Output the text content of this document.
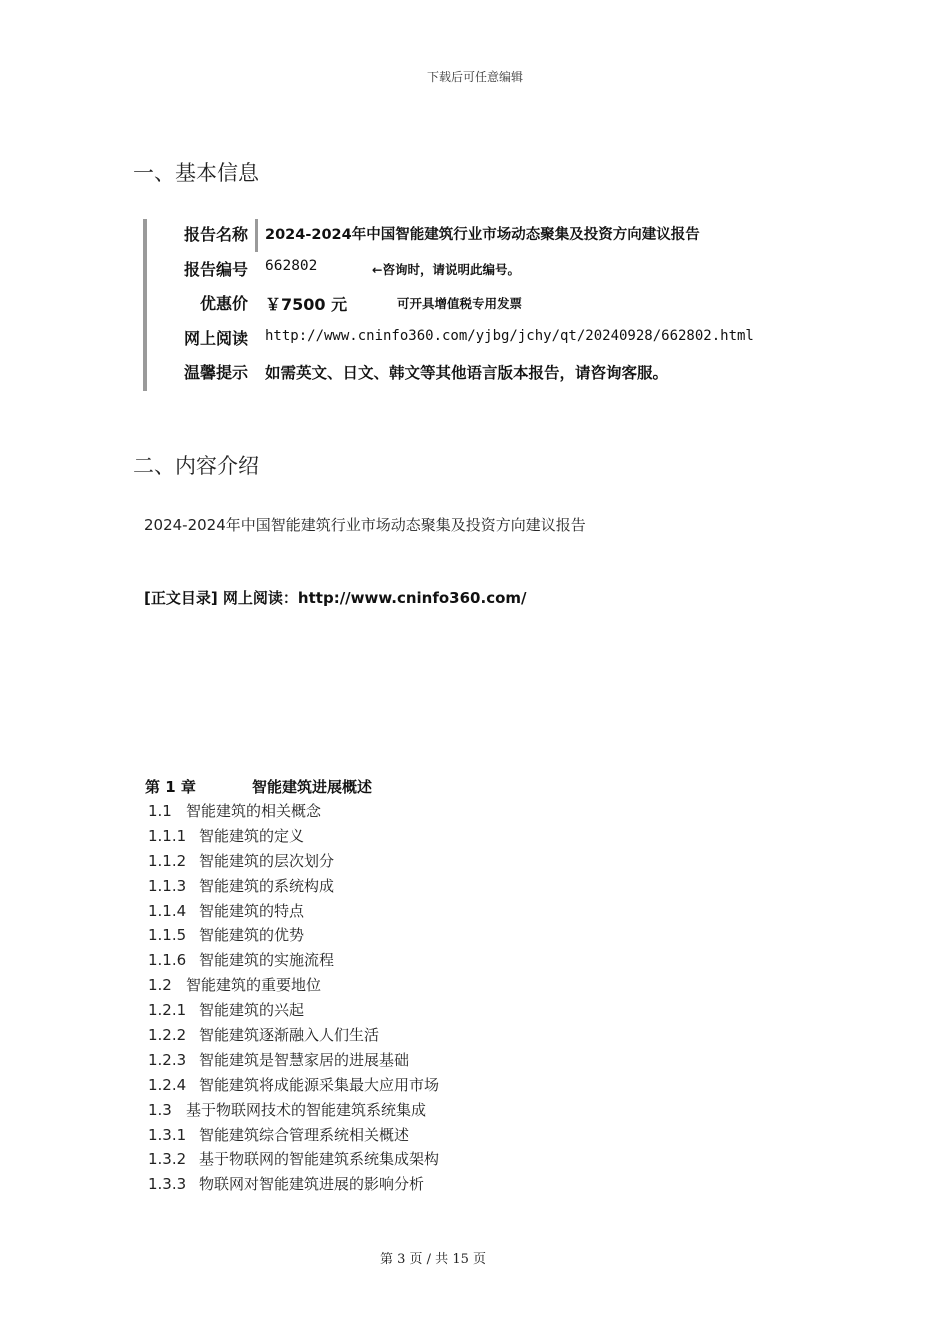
下载后可任意编辑
一、基本信息
报告名称 2024-2024年中国智能建筑行业市场动态聚集及投资方向建议报告
报告编号 662802	←咨询时，请说明此编号。
优惠价 ￥7500 元	可开具增值税专用发票
网上阅读 http://www.cninfo360.com/yjbg/jchy/qt/20240928/662802.html
温馨提示 如需英文、日文、韩文等其他语言版本报告，请咨询客服。
二、内容介绍
2024-2024年中国智能建筑行业市场动态聚集及投资方向建议报告
[正文目录] 网上阅读：http://www.cninfo360.com/
第 1 章	智能建筑进展概述
1.1 智能建筑的相关概念
1.1.1 智能建筑的定义
1.1.2 智能建筑的层次划分
1.1.3 智能建筑的系统构成
1.1.4 智能建筑的特点
1.1.5 智能建筑的优势
1.1.6 智能建筑的实施流程
1.2 智能建筑的重要地位
1.2.1 智能建筑的兴起
1.2.2 智能建筑逐渐融入人们生活
1.2.3 智能建筑是智慧家居的进展基础
1.2.4 智能建筑将成能源采集最大应用市场
1.3 基于物联网技术的智能建筑系统集成
1.3.1 智能建筑综合管理系统相关概述
1.3.2 基于物联网的智能建筑系统集成架构
1.3.3 物联网对智能建筑进展的影响分析
第 3 页 / 共 15 页
